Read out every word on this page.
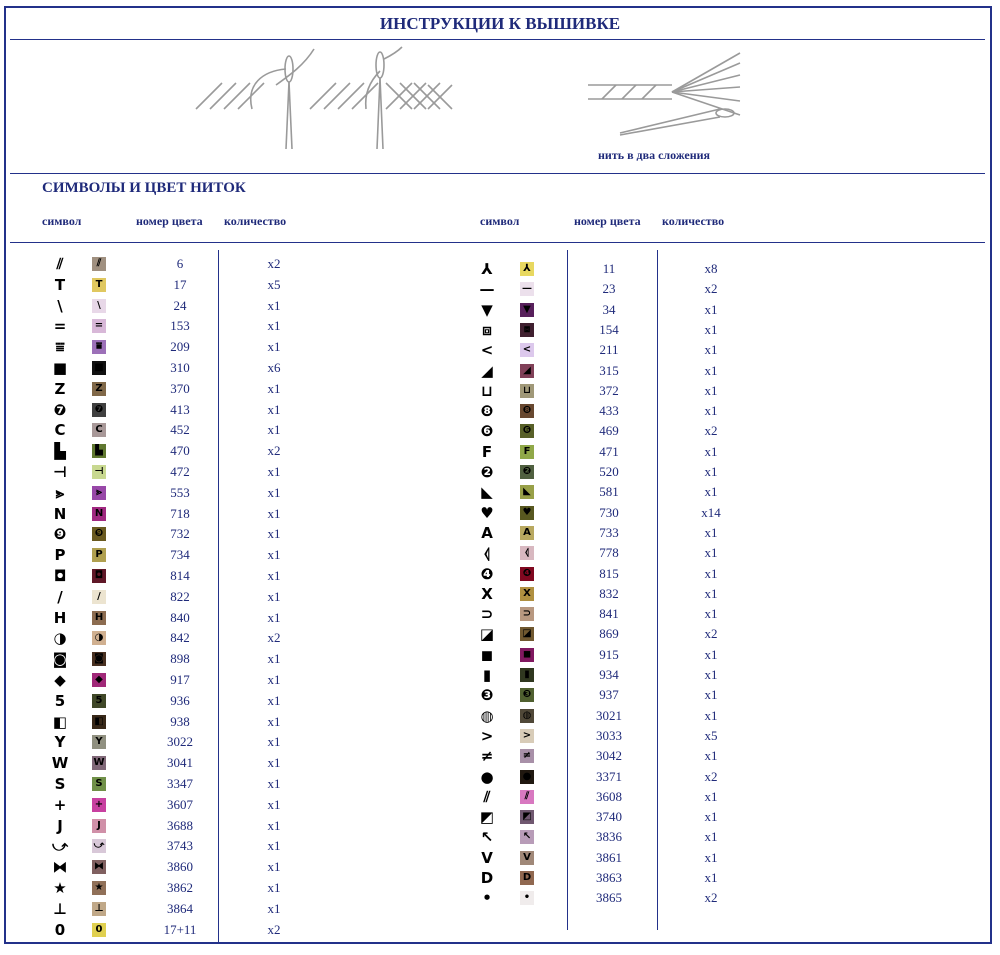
ИНСТРУКЦИИ К ВЫШИВКЕ
нить в два сложения
СИМВОЛЫ И ЦВЕТ НИТОК
символ	номер цвета количество	символ	номер цвета количество
⫽	⫽	6	x2
T	T	17	x5
\	\	24	x1
=	=	153	x1
⩸	⩸	209	x1
■	■	310	x6
Z	Z	370	x1
❼	❼	413	x1
C	C	452	x1
▙	▙	470	x2
⊣	⊣	472	x1
⪢	⪢	553	x1
N	N	718	x1
❾	❾	732	x1
P	P	734	x1
◘	◘	814	x1
/	/	822	x1
H	H	840	x1
◑	◑	842	x2
◙	◙	898	x1
◆	◆	917	x1
5	5	936	x1
◧	◧	938	x1
Y	Y	3022	x1
W	W	3041	x1
S	S	3347	x1
+	+	3607	x1
J	J	3688	x1
⤻	⤻	3743	x1
⧓	⧓	3860	x1
★	★	3862	x1
⊥	⊥	3864	x1
0	0	17+11	x2
⅄	⅄	11	x8
—	—	23	x2
▼	▼	34	x1
⧈	⧈	154	x1
<	<	211	x1
◢	◢	315	x1
⊔	⊔	372	x1
❽	❽	433	x1
❻	❻	469	x2
F	F	471	x1
❷	❷	520	x1
◣	◣	581	x1
♥	♥	730	x14
A	A	733	x1
⦉	⦉	778	x1
❹	❹	815	x1
X	X	832	x1
⊃	⊃	841	x1
◪	◪	869	x2
◼	◼	915	x1
▮	▮	934	x1
❸	❸	937	x1
◍	◍	3021	x1
>	>	3033	x5
≠	≠	3042	x1
●	●	3371	x2
⫽	⫽	3608	x1
◩	◩	3740	x1
↖	↖	3836	x1
V	V	3861	x1
D	D	3863	x1
•	•	3865	x2
